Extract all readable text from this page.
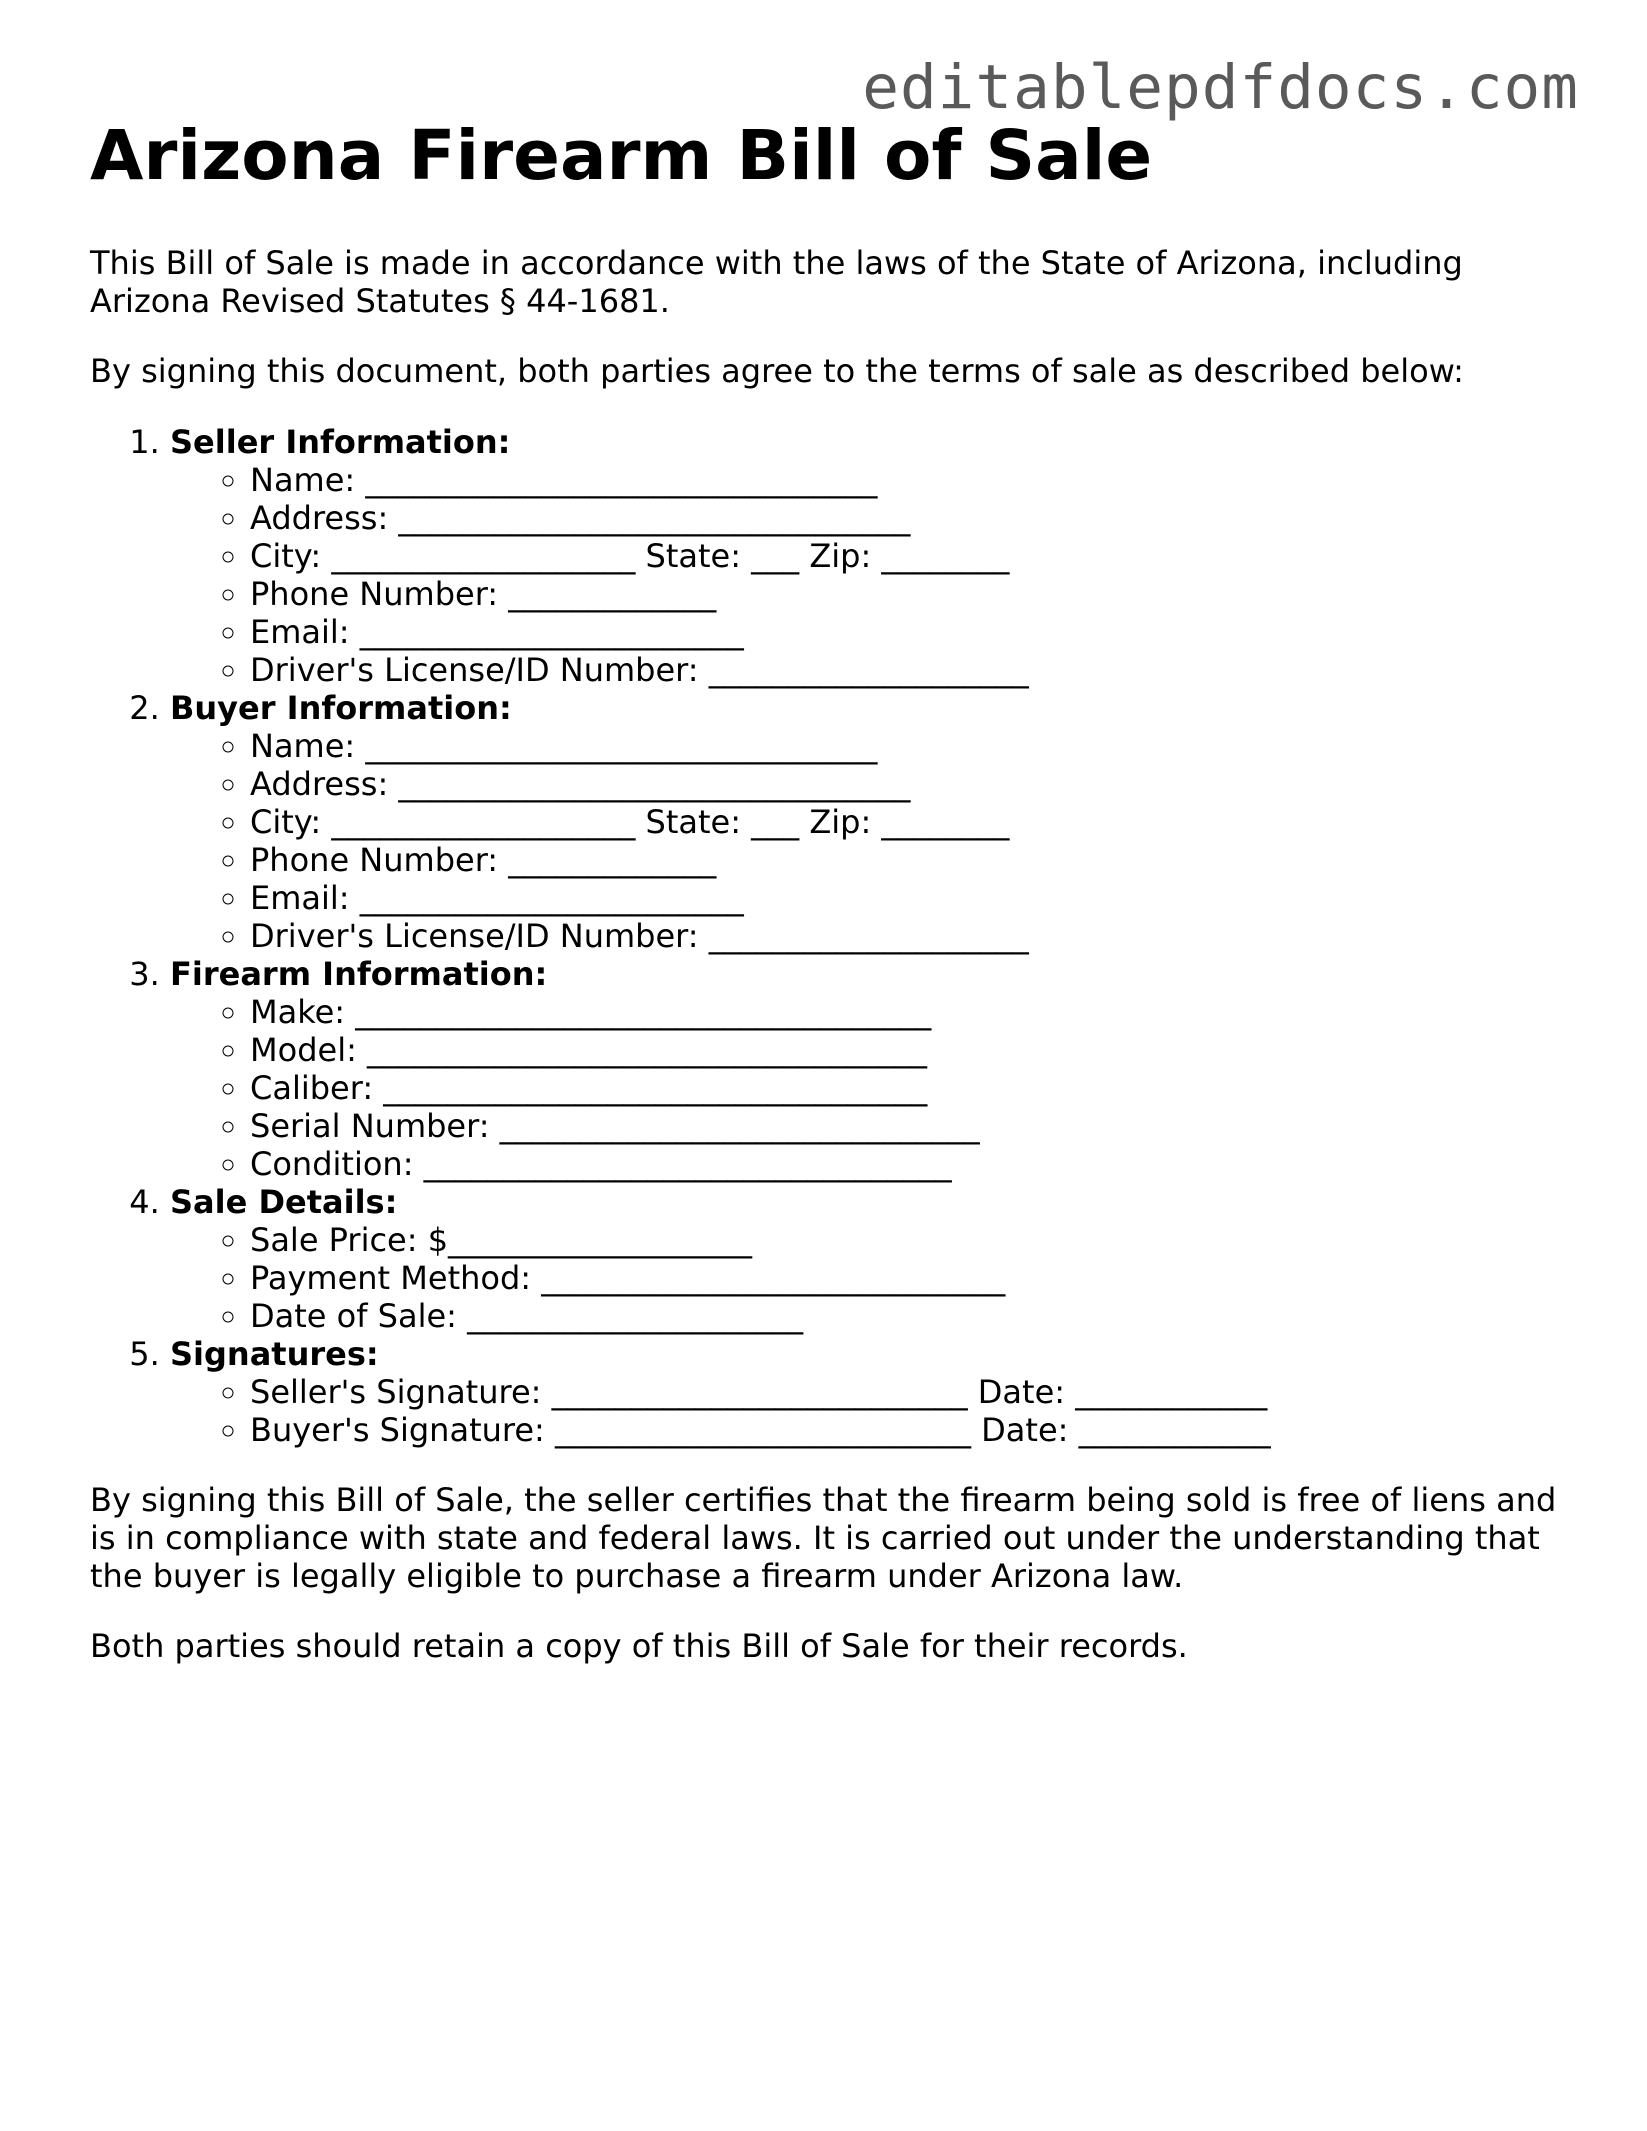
editablepdfdocs.com
Arizona Firearm Bill of Sale

This Bill of Sale is made in accordance with the laws of the State of Arizona, including Arizona Revised Statutes § 44-1681.

By signing this document, both parties agree to the terms of sale as described below:

1. Seller Information:
◦ Name: ________________________________
◦ Address: ________________________________
◦ City: ___________________ State: ___ Zip: ________
◦ Phone Number: _____________
◦ Email: ________________________
◦ Driver's License/ID Number: ____________________
2. Buyer Information:
◦ Name: ________________________________
◦ Address: ________________________________
◦ City: ___________________ State: ___ Zip: ________
◦ Phone Number: _____________
◦ Email: ________________________
◦ Driver's License/ID Number: ____________________
3. Firearm Information:
◦ Make: ____________________________________
◦ Model: ___________________________________
◦ Caliber: __________________________________
◦ Serial Number: ______________________________
◦ Condition: _________________________________
4. Sale Details:
◦ Sale Price: $___________________
◦ Payment Method: _____________________________
◦ Date of Sale: _____________________
5. Signatures:
◦ Seller's Signature: __________________________ Date: ____________
◦ Buyer's Signature: __________________________ Date: ____________

By signing this Bill of Sale, the seller certifies that the firearm being sold is free of liens and is in compliance with state and federal laws. It is carried out under the understanding that the buyer is legally eligible to purchase a firearm under Arizona law.

Both parties should retain a copy of this Bill of Sale for their records.
